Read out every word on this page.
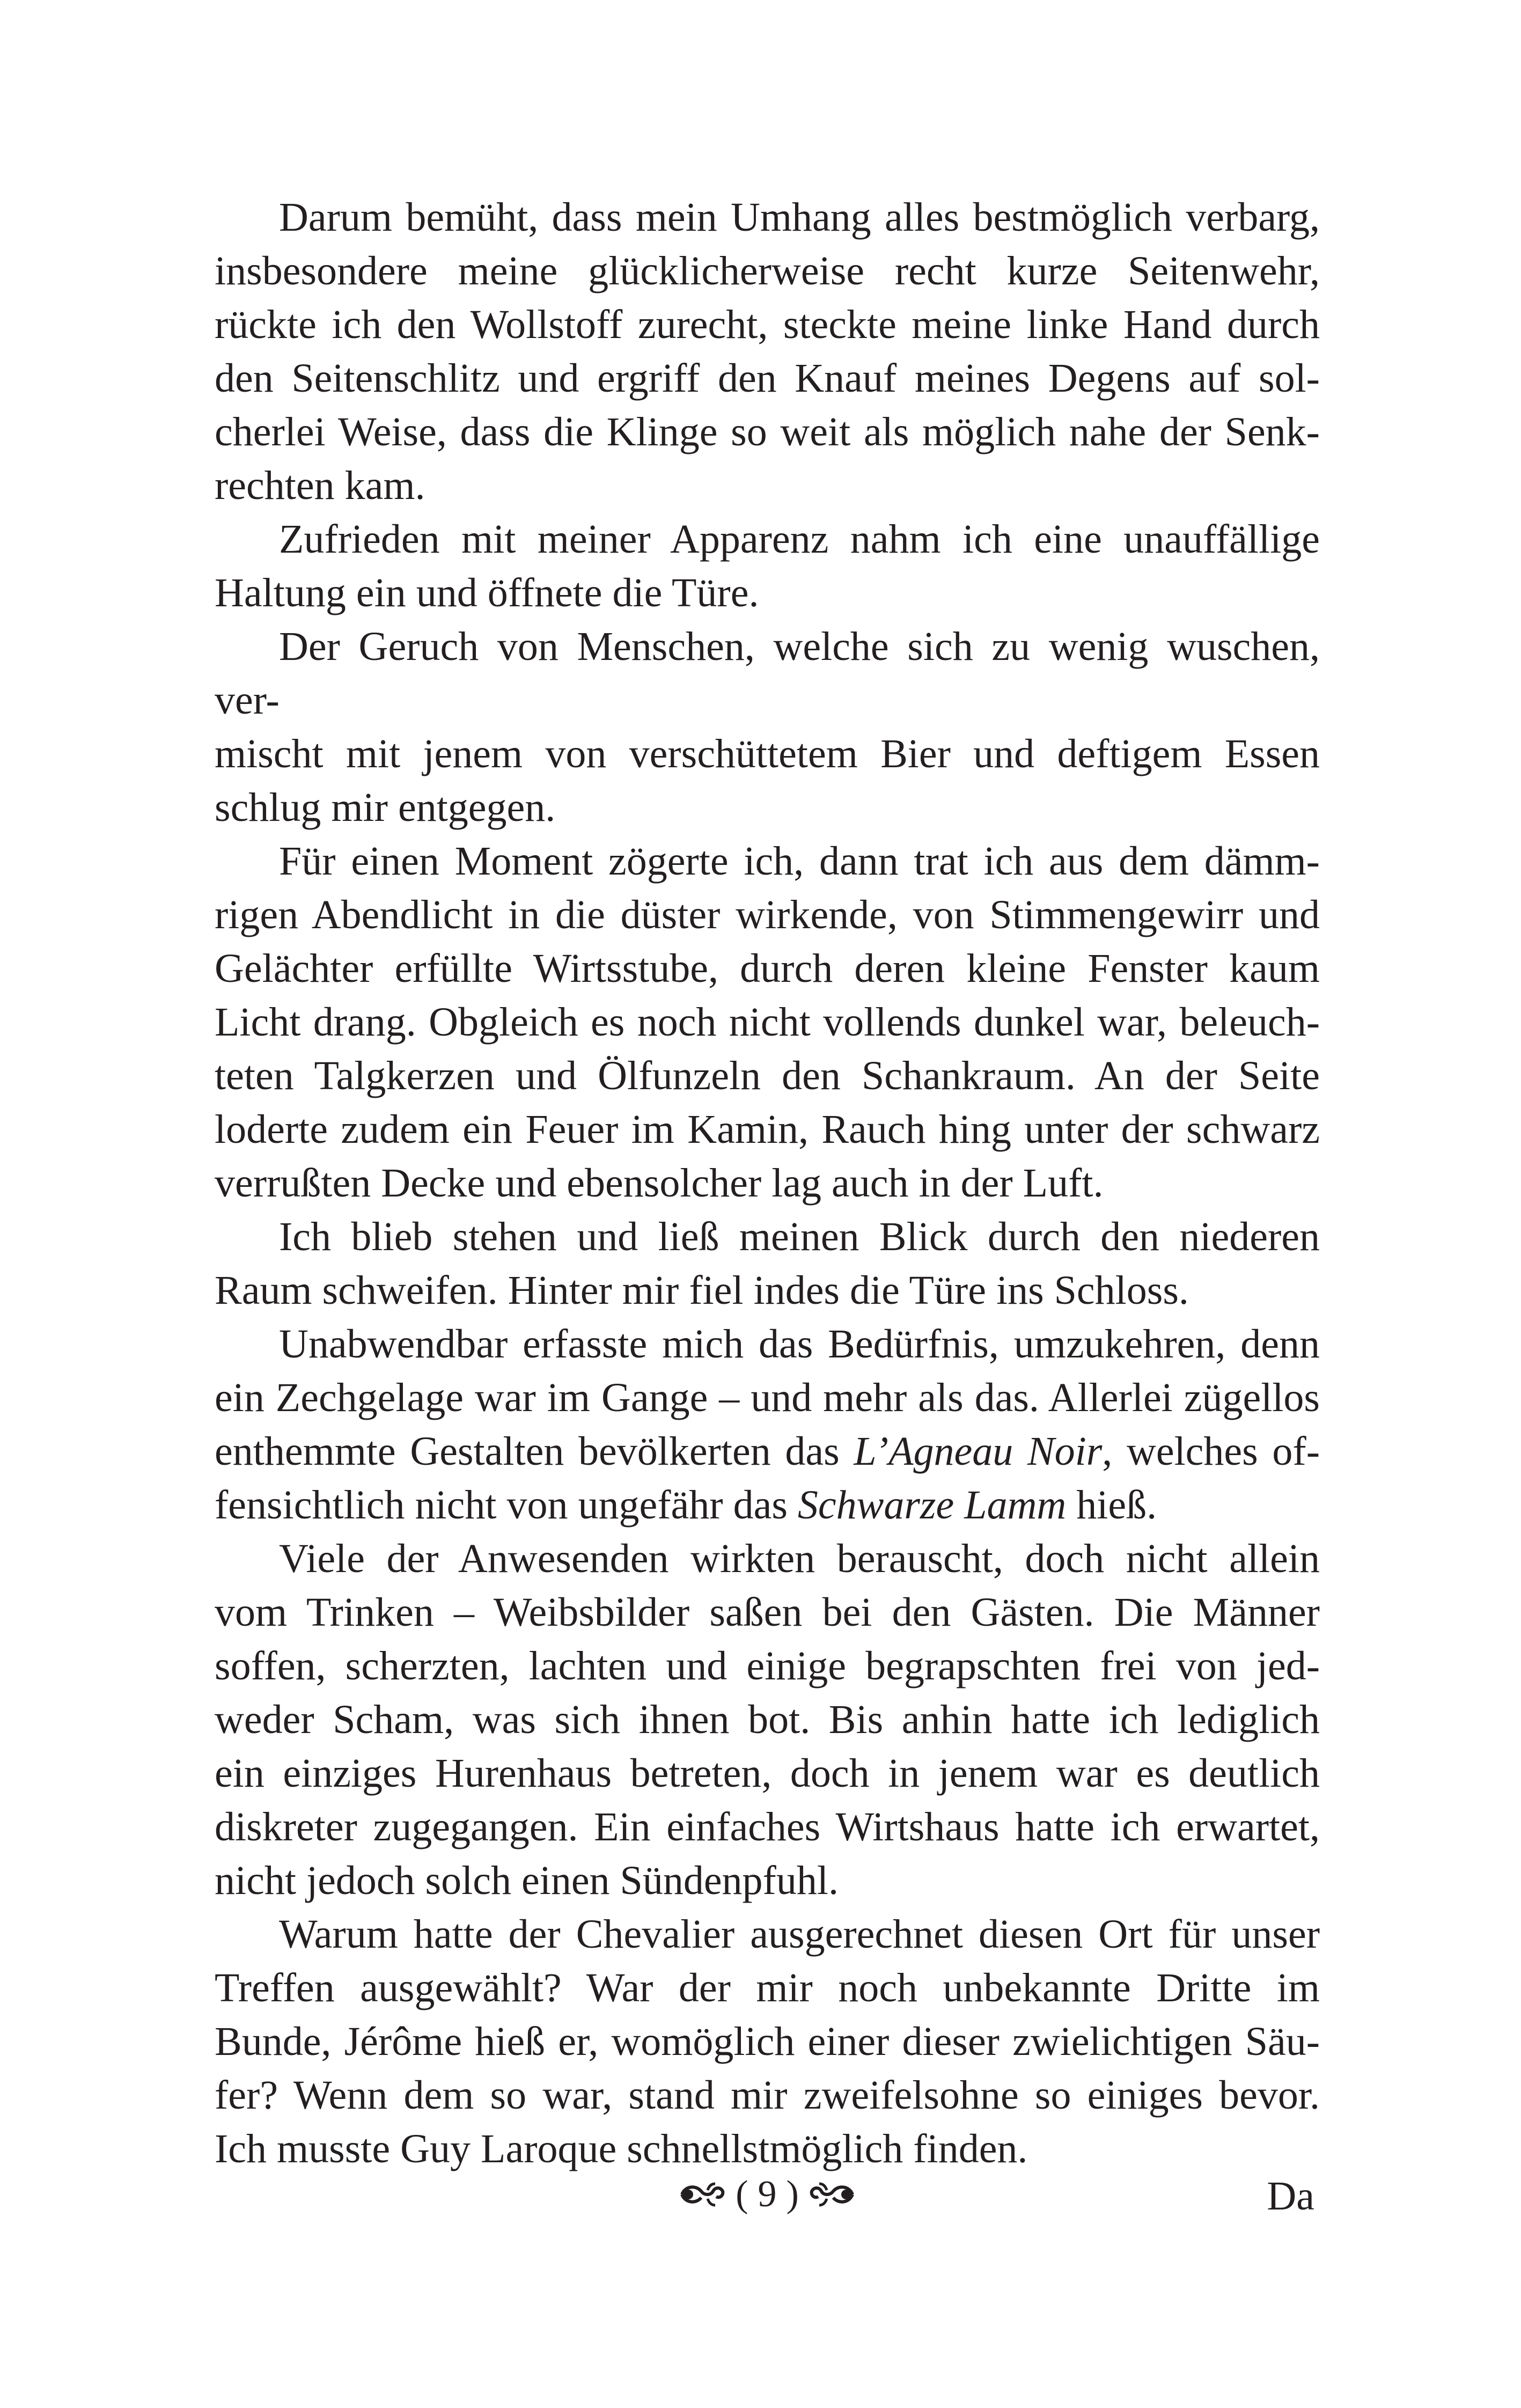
Darum bemüht, dass mein Umhang alles bestmöglich verbarg,
insbesondere meine glücklicherweise recht kurze Seitenwehr,
rückte ich den Wollstoff zurecht, steckte meine linke Hand durch
den Seitenschlitz und ergriff den Knauf meines Degens auf sol-
cherlei Weise, dass die Klinge so weit als möglich nahe der Senk-
rechten kam.

Zufrieden mit meiner Apparenz nahm ich eine unauffällige
Haltung ein und öffnete die Türe.

Der Geruch von Menschen, welche sich zu wenig wuschen, ver-
mischt mit jenem von verschüttetem Bier und deftigem Essen
schlug mir entgegen.

Für einen Moment zögerte ich, dann trat ich aus dem dämm-
rigen Abendlicht in die düster wirkende, von Stimmengewirr und
Gelächter erfüllte Wirtsstube, durch deren kleine Fenster kaum
Licht drang. Obgleich es noch nicht vollends dunkel war, beleuch-
teten Talgkerzen und Ölfunzeln den Schankraum. An der Seite
loderte zudem ein Feuer im Kamin, Rauch hing unter der schwarz
verrußten Decke und ebensolcher lag auch in der Luft.

Ich blieb stehen und ließ meinen Blick durch den niederen
Raum schweifen. Hinter mir fiel indes die Türe ins Schloss.

Unabwendbar erfasste mich das Bedürfnis, umzukehren, denn
ein Zechgelage war im Gange – und mehr als das. Allerlei zügellos
enthemmte Gestalten bevölkerten das L’Agneau Noir, welches of-
fensichtlich nicht von ungefähr das Schwarze Lamm hieß.

Viele der Anwesenden wirkten berauscht, doch nicht allein
vom Trinken – Weibsbilder saßen bei den Gästen. Die Männer
soffen, scherzten, lachten und einige begrapschten frei von jed-
weder Scham, was sich ihnen bot. Bis anhin hatte ich lediglich
ein einziges Hurenhaus betreten, doch in jenem war es deutlich
diskreter zugegangen. Ein einfaches Wirtshaus hatte ich erwartet,
nicht jedoch solch einen Sündenpfuhl.

Warum hatte der Chevalier ausgerechnet diesen Ort für unser
Treffen ausgewählt? War der mir noch unbekannte Dritte im
Bunde, Jérôme hieß er, womöglich einer dieser zwielichtigen Säu-
fer? Wenn dem so war, stand mir zweifelsohne so einiges bevor.
Ich musste Guy Laroque schnellstmöglich finden.

( 9 )	Da
